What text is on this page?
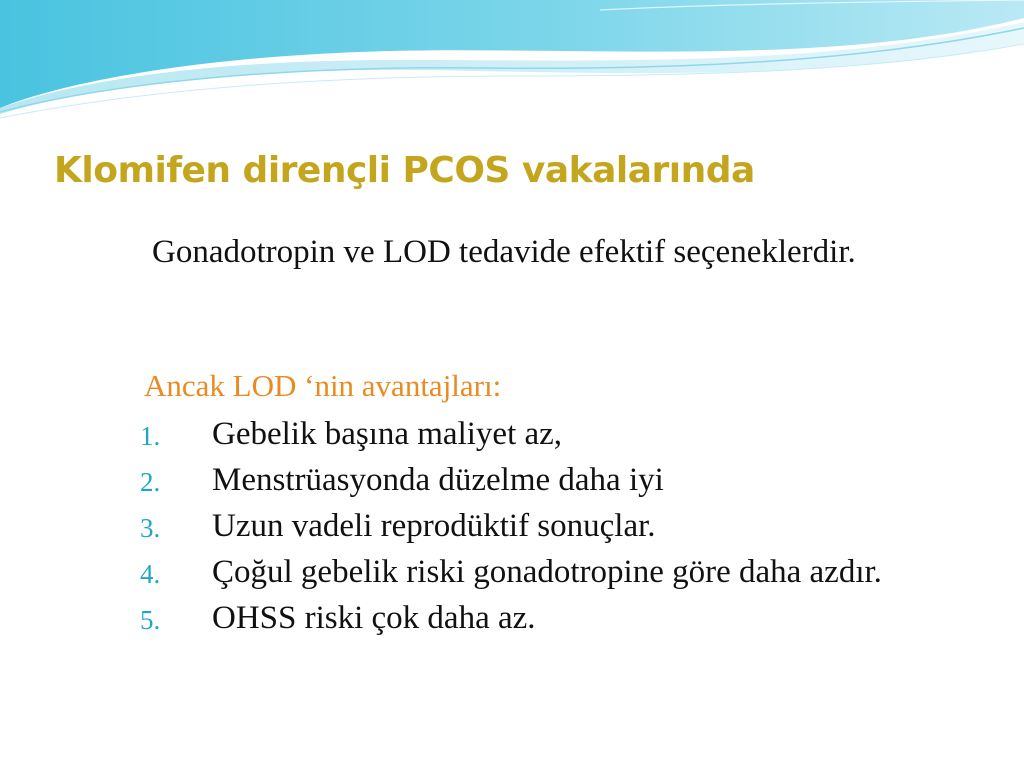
Klomifen dirençli PCOS vakalarında

Gonadotropin ve LOD tedavide efektif seçeneklerdir.

Ancak LOD ‘nin avantajları:

1. Gebelik başına maliyet az,
2. Menstrüasyonda düzelme daha iyi
3. Uzun vadeli reprodüktif sonuçlar.
4. Çoğul gebelik riski gonadotropine göre daha azdır.
5. OHSS riski çok daha az.
